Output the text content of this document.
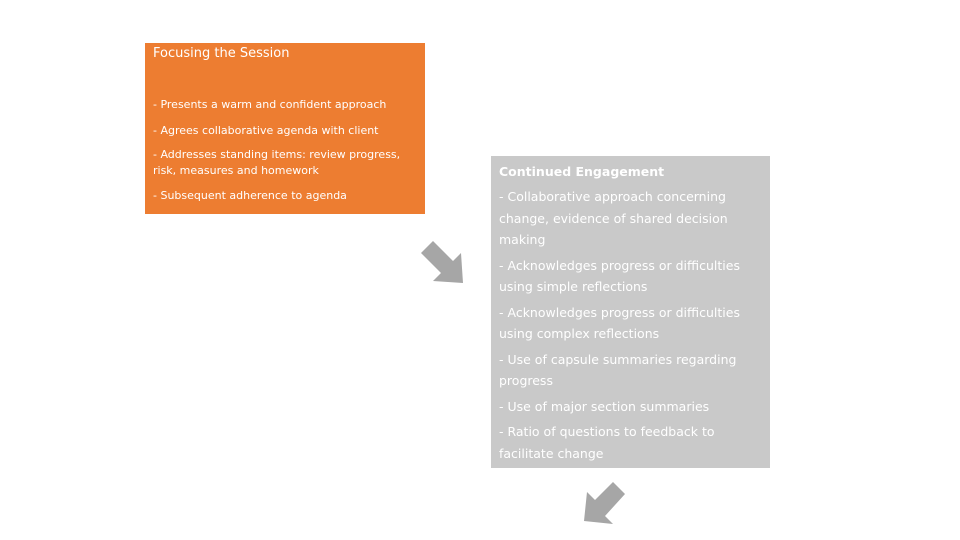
Focusing the Session
- Presents a warm and confident approach
- Agrees collaborative agenda with client
- Addresses standing items: review progress, risk, measures and homework
- Subsequent adherence to agenda
Continued Engagement
- Collaborative approach concerning change, evidence of shared decision making
- Acknowledges progress or difficulties using simple reflections
- Acknowledges progress or difficulties using complex reflections
- Use of capsule summaries regarding progress
- Use of major section summaries
- Ratio of questions to feedback to facilitate change
